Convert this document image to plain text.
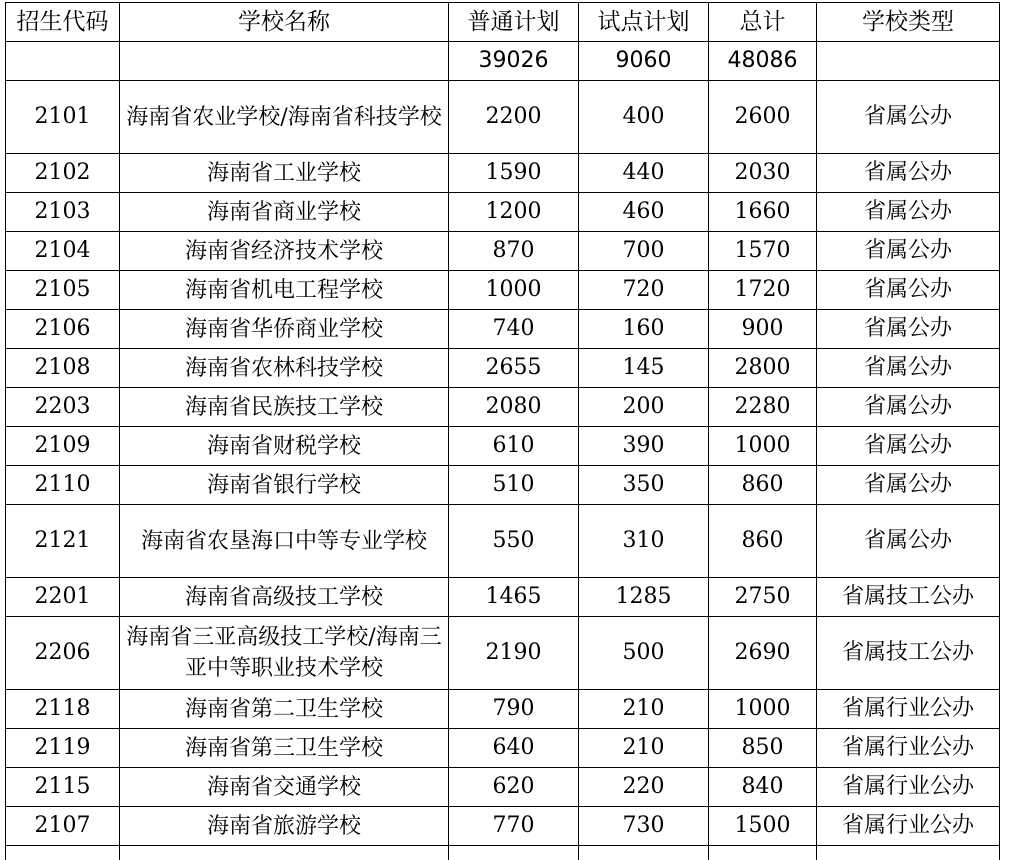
招生代码	学校名称	普通计划	试点计划	总计	学校类型
		39026	9060	48086	
2101	海南省农业学校/海南省科技学校	2200	400	2600	省属公办
2102	海南省工业学校	1590	440	2030	省属公办
2103	海南省商业学校	1200	460	1660	省属公办
2104	海南省经济技术学校	870	700	1570	省属公办
2105	海南省机电工程学校	1000	720	1720	省属公办
2106	海南省华侨商业学校	740	160	900	省属公办
2108	海南省农林科技学校	2655	145	2800	省属公办
2203	海南省民族技工学校	2080	200	2280	省属公办
2109	海南省财税学校	610	390	1000	省属公办
2110	海南省银行学校	510	350	860	省属公办
2121	海南省农垦海口中等专业学校	550	310	860	省属公办
2201	海南省高级技工学校	1465	1285	2750	省属技工公办
2206	海南省三亚高级技工学校/海南三亚中等职业技术学校	2190	500	2690	省属技工公办
2118	海南省第二卫生学校	790	210	1000	省属行业公办
2119	海南省第三卫生学校	640	210	850	省属行业公办
2115	海南省交通学校	620	220	840	省属行业公办
2107	海南省旅游学校	770	730	1500	省属行业公办
